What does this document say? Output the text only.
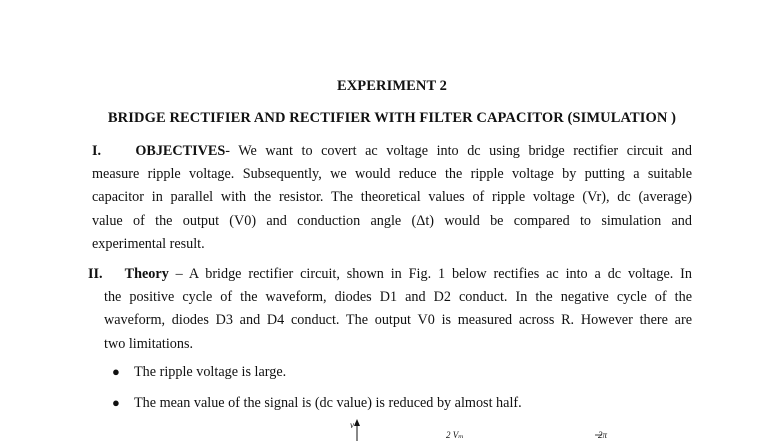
EXPERIMENT 2
BRIDGE RECTIFIER AND RECTIFIER WITH FILTER CAPACITOR (SIMULATION )
I. OBJECTIVES- We want to covert ac voltage into dc using bridge rectifier circuit and
measure ripple voltage. Subsequently, we would reduce the ripple voltage by putting a suitable
capacitor in parallel with the resistor. The theoretical values of ripple voltage (Vr), dc (average)
value of the output (V0) and conduction angle (Δt) would be compared to simulation and
experimental result.
II.	Theory – A bridge rectifier circuit, shown in Fig. 1 below rectifies ac into a dc voltage. In
the positive cycle of the waveform, diodes D1 and D2 conduct. In the negative cycle of the
waveform, diodes D3 and D4 conduct. The output V0 is measured across R. However there are
two limitations.
● The ripple voltage is large.
● The mean value of the signal is (dc value) is reduced by almost half.
v
2 Vₘ	2π
